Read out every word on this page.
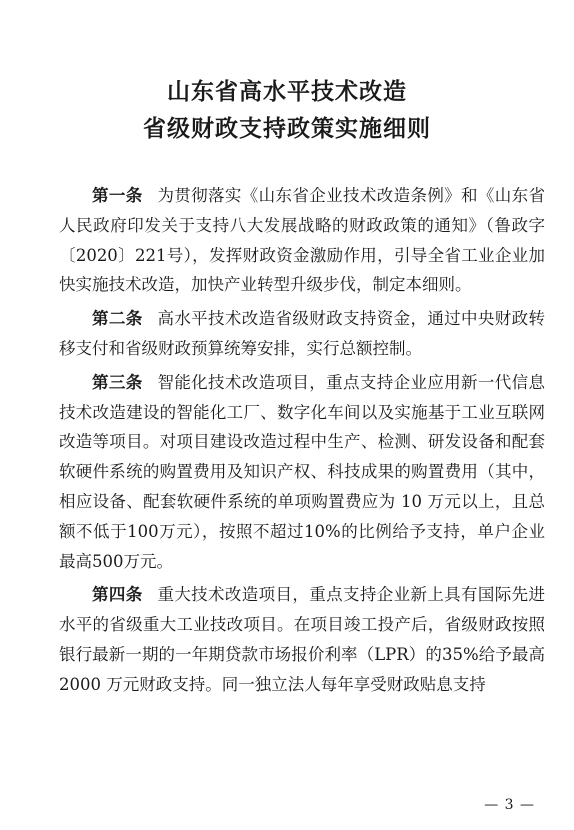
山东省高水平技术改造
省级财政支持政策实施细则

第一条 为贯彻落实《山东省企业技术改造条例》和《山东省人民政府印发关于支持八大发展战略的财政政策的通知》（鲁政字〔2020〕221号），发挥财政资金激励作用，引导全省工业企业加快实施技术改造，加快产业转型升级步伐，制定本细则。

第二条 高水平技术改造省级财政支持资金，通过中央财政转移支付和省级财政预算统筹安排，实行总额控制。

第三条 智能化技术改造项目，重点支持企业应用新一代信息技术改造建设的智能化工厂、数字化车间以及实施基于工业互联网改造等项目。对项目建设改造过程中生产、检测、研发设备和配套软硬件系统的购置费用及知识产权、科技成果的购置费用（其中，相应设备、配套软硬件系统的单项购置费应为 10 万元以上，且总额不低于100万元），按照不超过10%的比例给予支持，单户企业最高500万元。

第四条 重大技术改造项目，重点支持企业新上具有国际先进水平的省级重大工业技改项目。在项目竣工投产后，省级财政按照银行最新一期的一年期贷款市场报价利率（LPR）的35%给予最高 2000 万元财政支持。同一独立法人每年享受财政贴息支持

— 3 —
